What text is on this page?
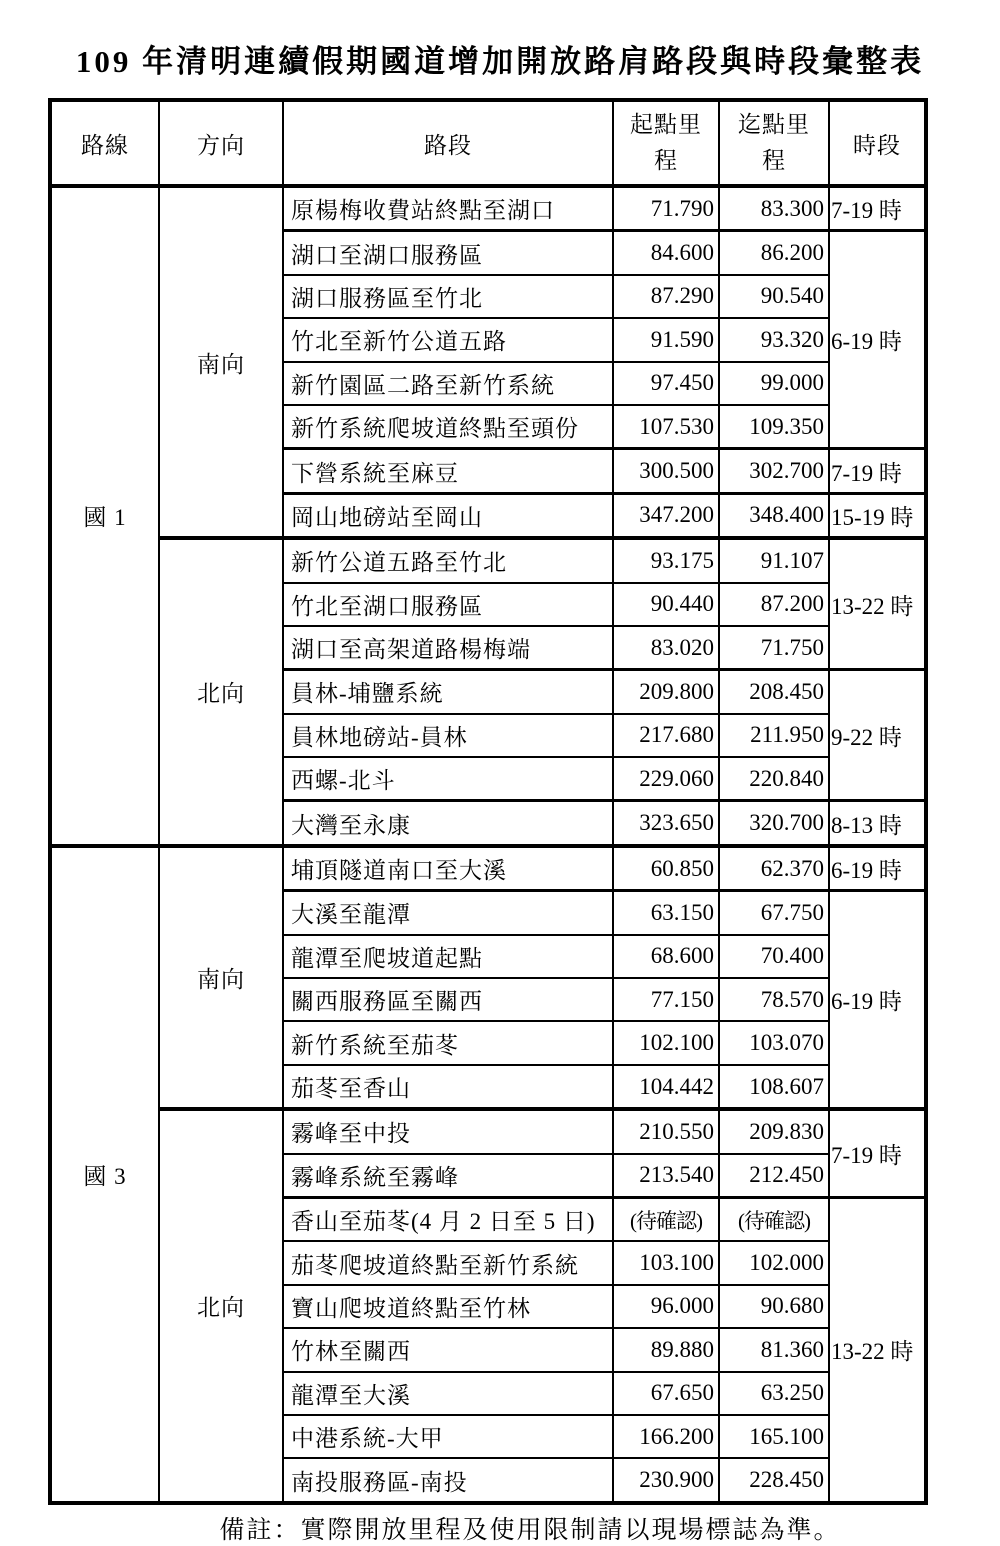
109 年清明連續假期國道增加開放路肩路段與時段彙整表
路線	方向	路段	起點里程	迄點里程	時段
國 1	南向	原楊梅收費站終點至湖口	71.790	83.300	7-19 時
		湖口至湖口服務區	84.600	86.200	6-19 時
		湖口服務區至竹北	87.290	90.540	
		竹北至新竹公道五路	91.590	93.320	
		新竹園區二路至新竹系統	97.450	99.000	
		新竹系統爬坡道終點至頭份	107.530	109.350	
		下營系統至麻豆	300.500	302.700	7-19 時
		岡山地磅站至岡山	347.200	348.400	15-19 時
	北向	新竹公道五路至竹北	93.175	91.107	13-22 時
		竹北至湖口服務區	90.440	87.200	
		湖口至高架道路楊梅端	83.020	71.750	
		員林-埔鹽系統	209.800	208.450	9-22 時
		員林地磅站-員林	217.680	211.950	
		西螺-北斗	229.060	220.840	
		大灣至永康	323.650	320.700	8-13 時
國 3	南向	埔頂隧道南口至大溪	60.850	62.370	6-19 時
		大溪至龍潭	63.150	67.750	6-19 時
		龍潭至爬坡道起點	68.600	70.400	
		關西服務區至關西	77.150	78.570	
		新竹系統至茄苳	102.100	103.070	
		茄苳至香山	104.442	108.607	
	北向	霧峰至中投	210.550	209.830	7-19 時
		霧峰系統至霧峰	213.540	212.450	
		香山至茄苳(4 月 2 日至 5 日)	(待確認)	(待確認)	13-22 時
		茄苳爬坡道終點至新竹系統	103.100	102.000	
		寶山爬坡道終點至竹林	96.000	90.680	
		竹林至關西	89.880	81.360	
		龍潭至大溪	67.650	63.250	
		中港系統-大甲	166.200	165.100	
		南投服務區-南投	230.900	228.450	
備註：實際開放里程及使用限制請以現場標誌為準。
